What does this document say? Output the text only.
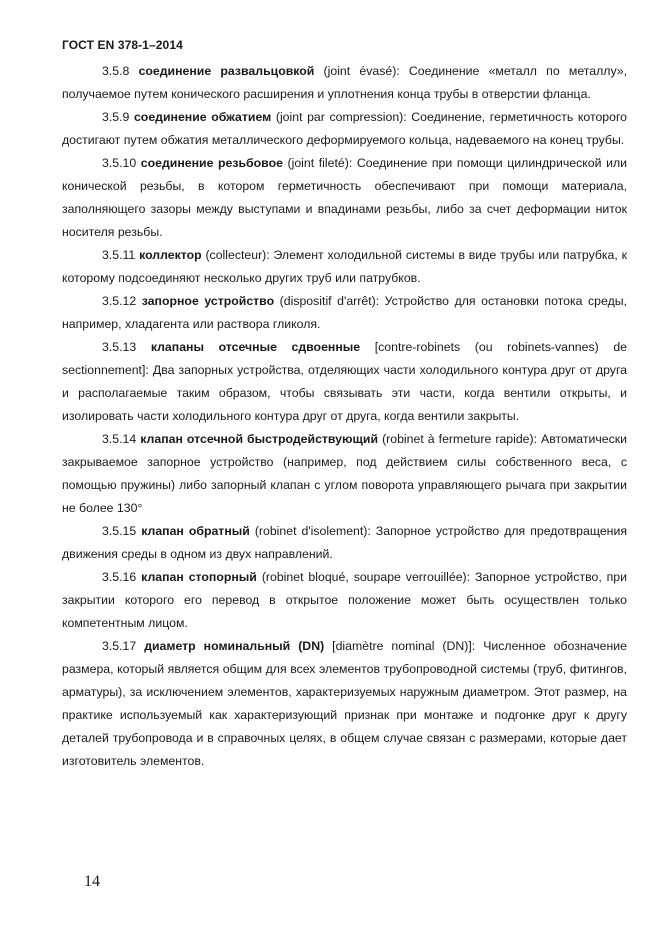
ГОСТ EN 378-1–2014

3.5.8 соединение развальцовкой (joint évasé): Соединение «металл по металлу», получаемое путем конического расширения и уплотнения конца трубы в отверстии фланца.

3.5.9 соединение обжатием (joint par compression): Соединение, герметичность которого достигают путем обжатия металлического деформируемого кольца, надеваемого на конец трубы.

3.5.10 соединение резьбовое (joint fileté): Соединение при помощи цилиндрической или конической резьбы, в котором герметичность обеспечивают при помощи материала, заполняющего зазоры между выступами и впадинами резьбы, либо за счет деформации ниток носителя резьбы.

3.5.11 коллектор (collecteur): Элемент холодильной системы в виде трубы или патрубка, к которому подсоединяют несколько других труб или патрубков.

3.5.12 запорное устройство (dispositif d'arrêt): Устройство для остановки потока среды, например, хладагента или раствора гликоля.

3.5.13 клапаны отсечные сдвоенные [contre-robinets (ou robinets-vannes) de sectionnement]: Два запорных устройства, отделяющих части холодильного контура друг от друга и располагаемые таким образом, чтобы связывать эти части, когда вентили открыты, и изолировать части холодильного контура друг от друга, когда вентили закрыты.

3.5.14 клапан отсечной быстродействующий (robinet à fermeture rapide): Автоматически закрываемое запорное устройство (например, под действием силы собственного веса, с помощью пружины) либо запорный клапан с углом поворота управляющего рычага при закрытии не более 130°

3.5.15 клапан обратный (robinet d'isolement): Запорное устройство для предотвращения движения среды в одном из двух направлений.

3.5.16 клапан стопорный (robinet bloqué, soupape verrouillée): Запорное устройство, при закрытии которого его перевод в открытое положение может быть осуществлен только компетентным лицом.

3.5.17 диаметр номинальный (DN) [diamètre nominal (DN)]: Численное обозначение размера, который является общим для всех элементов трубопроводной системы (труб, фитингов, арматуры), за исключением элементов, характеризуемых наружным диаметром. Этот размер, на практике используемый как характеризующий признак при монтаже и подгонке друг к другу деталей трубопровода и в справочных целях, в общем случае связан с размерами, которые дает изготовитель элементов.

14
